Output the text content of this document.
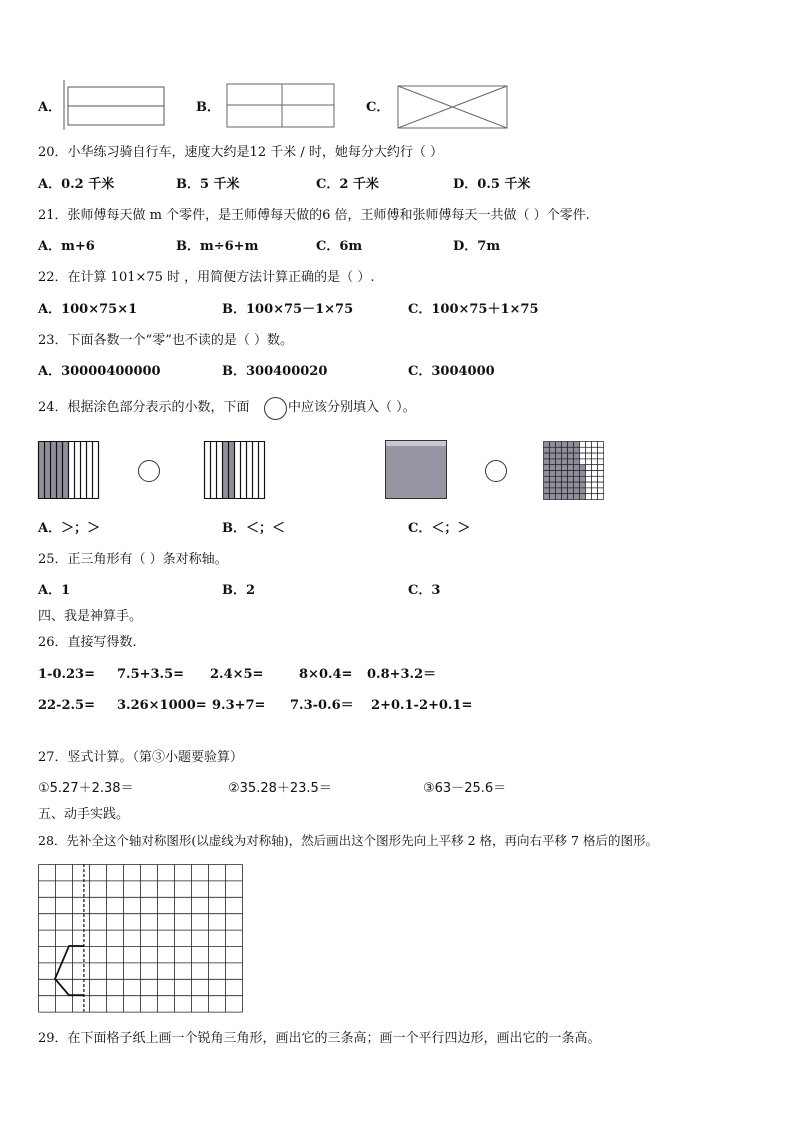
A．	B．	C．
20．小华练习骑自行车，速度大约是12 千米 / 时，她每分大约行（ ）
A．0.2 千米	B．5 千米	C．2 千米	D．0.5 千米
21．张师傅每天做 m 个零件，是王师傅每天做的6 倍，王师傅和张师傅每天一共做（ ）个零件.
A．m+6	B．m÷6+m	C．6m	D．7m
22．在计算 101×75 时 ，用简便方法计算正确的是（ ）.
A．100×75×1	B．100×75－1×75	C．100×75＋1×75
23．下面各数一个“零”也不读的是（ ）数。
A．30000400000	B．300400020	C．3004000
24．根据涂色部分表示的小数，下面	中应该分别填入（ ）。
A．＞；＞	B．＜；＜	C．＜；＞
25．正三角形有（ ）条对称轴。
A．1	B．2	C．3
四、我是神算手。
26．直接写得数.
1-0.23= 7.5+3.5= 2.4×5=	8×0.4= 0.8+3.2＝
22-2.5= 3.26×1000= 9.3+7= 7.3-0.6＝ 2+0.1-2+0.1=
27．竖式计算。（第③小题要验算）
①5.27＋2.38＝	②35.28＋23.5＝	③63－25.6＝
五、动手实践。
28．先补全这个轴对称图形(以虚线为对称轴)，然后画出这个图形先向上平移 2 格，再向右平移 7 格后的图形。
29．在下面格子纸上画一个锐角三角形，画出它的三条高；画一个平行四边形，画出它的一条高。
